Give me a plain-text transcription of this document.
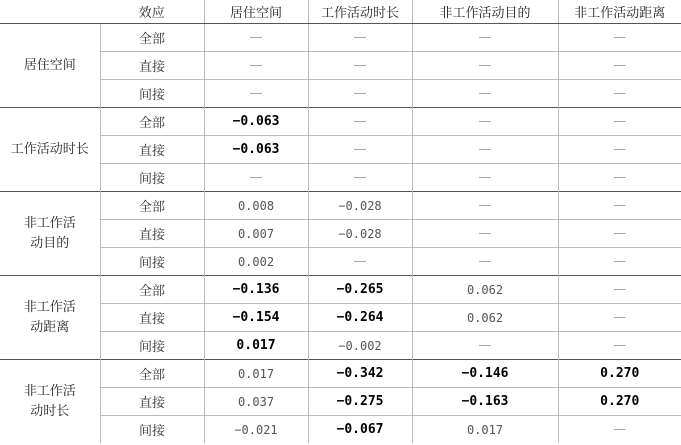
	效应	居住空间	工作活动时长	非工作活动目的	非工作活动距离

居住空间	全部	—	—	—	—
	直接	—	—	—	—
	间接	—	—	—	—

工作活动时长	全部	−0.063	—	—	—
	直接	−0.063	—	—	—
	间接	—	—	—	—

非工作活
动目的	全部	0.008	−0.028	—	—
	直接	0.007	−0.028	—	—
	间接	0.002	—	—	—

非工作活
动距离	全部	−0.136	−0.265	0.062	—
	直接	−0.154	−0.264	0.062	—
	间接	0.017	−0.002	—	—

非工作活
动时长	全部	0.017	−0.342	−0.146	0.270
	直接	0.037	−0.275	−0.163	0.270
	间接	−0.021	−0.067	0.017	—
